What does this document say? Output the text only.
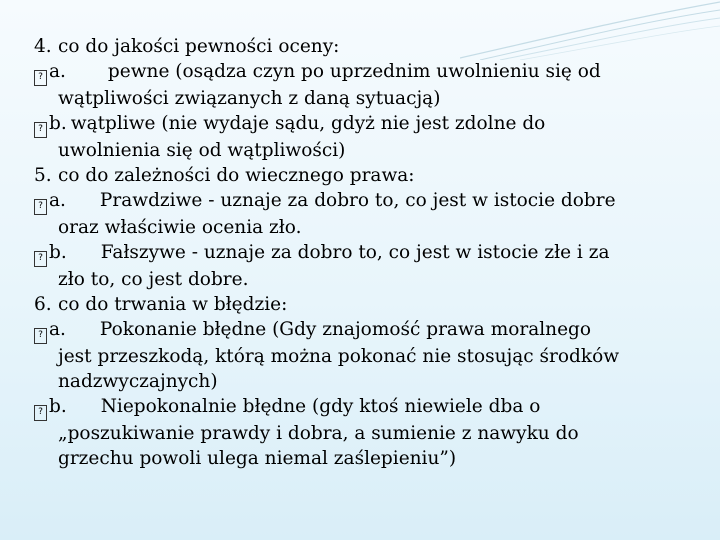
4. co do jakości pewności oceny:
? a. pewne (osądza czyn po uprzednim uwolnieniu się od
wątpliwości związanych z daną sytuacją)
? b. wątpliwe (nie wydaje sądu, gdyż nie jest zdolne do
uwolnienia się od wątpliwości)
5. co do zależności do wiecznego prawa:
? a. Prawdziwe - uznaje za dobro to, co jest w istocie dobre
oraz właściwie ocenia zło.
? b. Fałszywe - uznaje za dobro to, co jest w istocie złe i za
zło to, co jest dobre.
6. co do trwania w błędzie:
? a. Pokonanie błędne (Gdy znajomość prawa moralnego
jest przeszkodą, którą można pokonać nie stosując środków
nadzwyczajnych)
? b. Niepokonalnie błędne (gdy ktoś niewiele dba o
„poszukiwanie prawdy i dobra, a sumienie z nawyku do
grzechu powoli ulega niemal zaślepieniu”)
